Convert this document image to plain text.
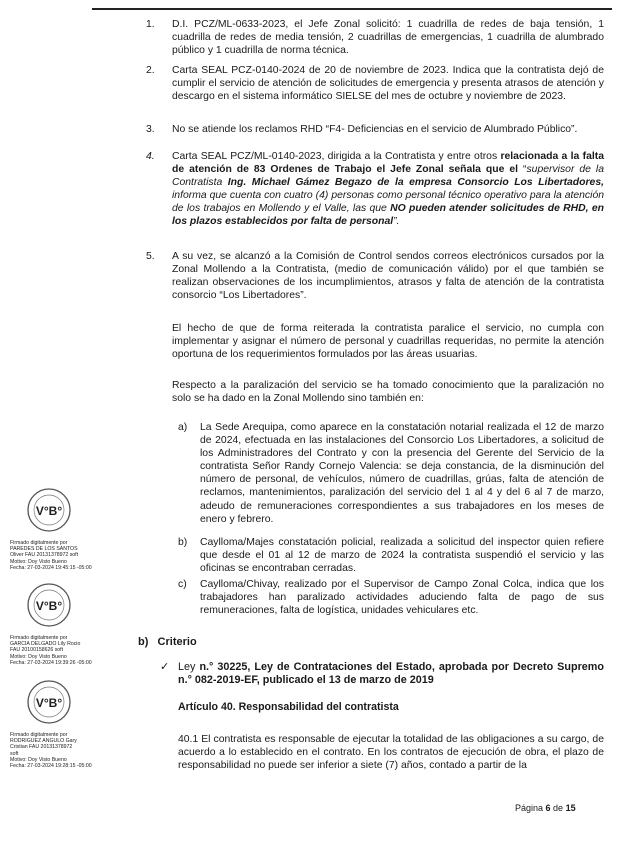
1. D.I. PCZ/ML-0633-2023, el Jefe Zonal solicitó: 1 cuadrilla de redes de baja tensión, 1 cuadrilla de redes de media tensión, 2 cuadrillas de emergencias, 1 cuadrilla de alumbrado público y 1 cuadrilla de norma técnica.
2. Carta SEAL PCZ-0140-2024 de 20 de noviembre de 2023. Indica que la contratista dejó de cumplir el servicio de atención de solicitudes de emergencia y presenta atrasos de atención y descargo en el sistema informático SIELSE del mes de octubre y noviembre de 2023.
3. No se atiende los reclamos RHD “F4- Deficiencias en el servicio de Alumbrado Público”.
4. Carta SEAL PCZ/ML-0140-2023, dirigida a la Contratista y entre otros relacionada a la falta de atención de 83 Ordenes de Trabajo el Jefe Zonal señala que el “supervisor de la Contratista Ing. Michael Gámez Begazo de la empresa Consorcio Los Libertadores, informa que cuenta con cuatro (4) personas como personal técnico operativo para la atención de los trabajos en Mollendo y el Valle, las que NO pueden atender solicitudes de RHD, en los plazos establecidos por falta de personal”.
5. A su vez, se alcanzó a la Comisión de Control sendos correos electrónicos cursados por la Zonal Mollendo a la Contratista, (medio de comunicación válido) por el que también se realizan observaciones de los incumplimientos, atrasos y falta de atención de la contratista consorcio “Los Libertadores”.
El hecho de que de forma reiterada la contratista paralice el servicio, no cumpla con implementar y asignar el número de personal y cuadrillas requeridas, no permite la atención oportuna de los requerimientos formulados por las áreas usuarias.
Respecto a la paralización del servicio se ha tomado conocimiento que la paralización no solo se ha dado en la Zonal Mollendo sino también en:
a) La Sede Arequipa, como aparece en la constatación notarial realizada el 12 de marzo de 2024, efectuada en las instalaciones del Consorcio Los Libertadores, a solicitud de los Administradores del Contrato y con la presencia del Gerente del Servicio de la contratista Señor Randy Cornejo Valencia: se deja constancia, de la disminución del número de personal, de vehículos, número de cuadrillas, grúas, falta de atención de reclamos, mantenimientos, paralización del servicio del 1 al 4 y del 6 al 7 de marzo, adeudo de remuneraciones correspondientes a sus trabajadores en los meses de enero y febrero.
b) Caylloma/Majes constatación policial, realizada a solicitud del inspector quien refiere que desde el 01 al 12 de marzo de 2024 la contratista suspendió el servicio y las oficinas se encontraban cerradas.
c) Caylloma/Chivay, realizado por el Supervisor de Campo Zonal Colca, indica que los trabajadores han paralizado actividades aduciendo falta de pago de sus remuneraciones, falta de logística, unidades vehiculares etc.
b)   Criterio
✓ Ley n.° 30225, Ley de Contrataciones del Estado, aprobada por Decreto Supremo n.° 082-2019-EF, publicado el 13 de marzo de 2019
Artículo 40. Responsabilidad del contratista
40.1 El contratista es responsable de ejecutar la totalidad de las obligaciones a su cargo, de acuerdo a lo establecido en el contrato. En los contratos de ejecución de obra, el plazo de responsabilidad no puede ser inferior a siete (7) años, contado a partir de la
Página 6 de 15
V°B°
Firmado digitalmente por
PAREDES DE LOS SANTOS
Oliver FAU 20131378972 soft
Motivo: Doy Visto Bueno
Fecha: 27-03-2024 19:45:15 -05:00
V°B°
Firmado digitalmente por
GARCIA DELGADO Lily Rocio
FAU 20100158626 soft
Motivo: Doy Visto Bueno
Fecha: 27-03-2024 19:39:26 -05:00
V°B°
Firmado digitalmente por
RODRIGUEZ ANGULO Gary
Cristian FAU 20131378972
soft
Motivo: Doy Visto Bueno
Fecha: 27-03-2024 19:28:15 -05:00
